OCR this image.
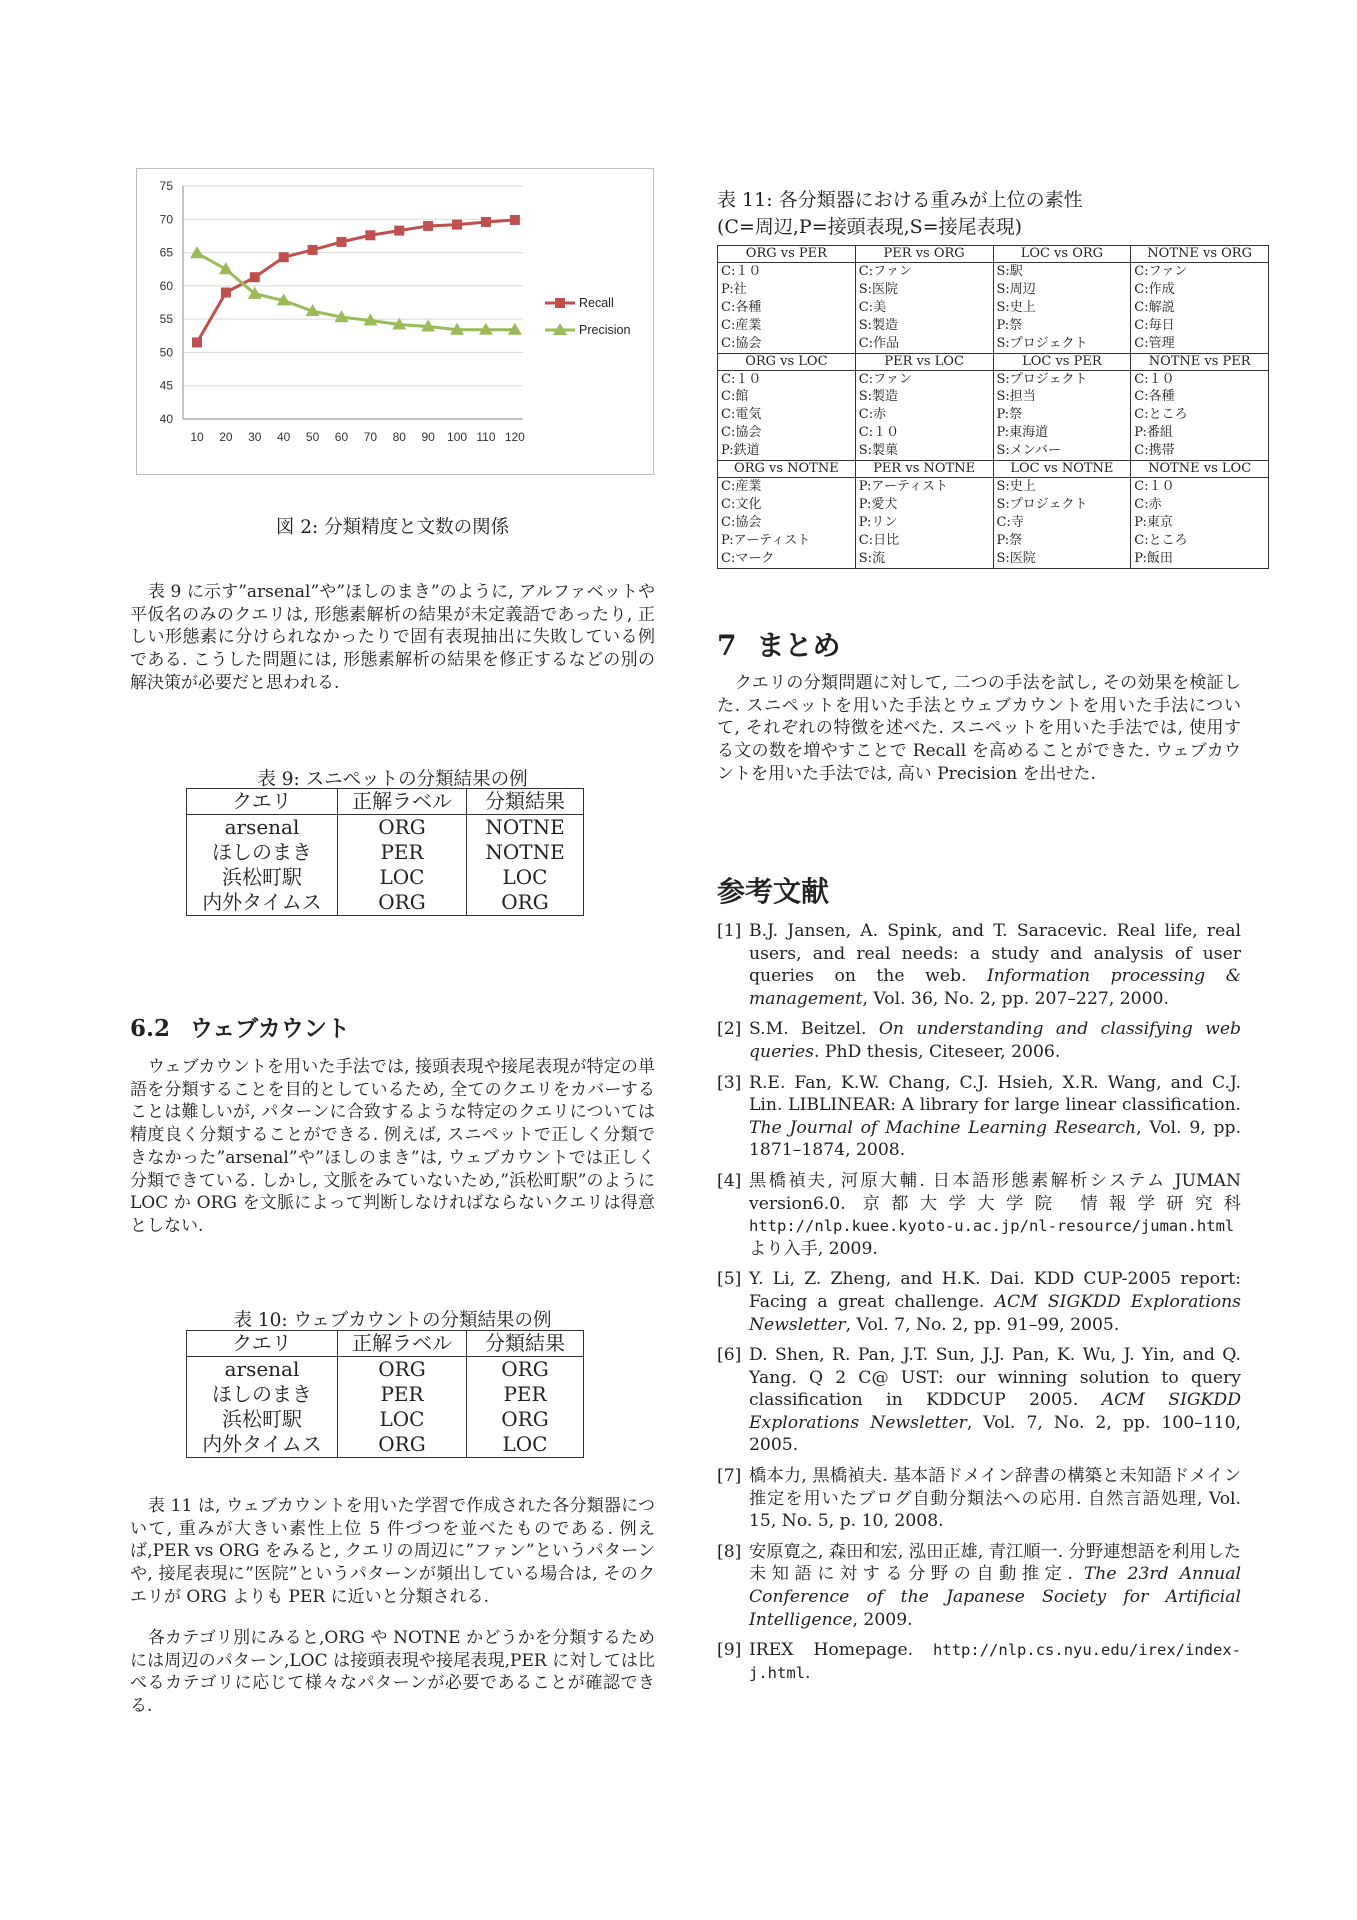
75
70
65
60
55
50
45
40
10 20 30 40 50 60 70 80 90 100 110 120
Recall
Precision
図 2: 分類精度と文数の関係

表 9 に示す”arsenal”や”ほしのまき”のように, アルファベットや平仮名のみのクエリは, 形態素解析の結果が未定義語であったり, 正しい形態素に分けられなかったりで固有表現抽出に失敗している例である. こうした問題には, 形態素解析の結果を修正するなどの別の解決策が必要だと思われる.

表 9: スニペットの分類結果の例
クエリ	正解ラベル	分類結果
arsenal	ORG	NOTNE
ほしのまき	PER	NOTNE
浜松町駅	LOC	LOC
内外タイムス	ORG	ORG
6.2 ウェブカウント

ウェブカウントを用いた手法では, 接頭表現や接尾表現が特定の単語を分類することを目的としているため, 全てのクエリをカバーすることは難しいが, パターンに合致するような特定のクエリについては精度良く分類することができる. 例えば, スニペットで正しく分類できなかった”arsenal”や”ほしのまき”は, ウェブカウントでは正しく分類できている. しかし, 文脈をみていないため,”浜松町駅”のように LOC か ORG を文脈によって判断しなければならないクエリは得意としない.

表 10: ウェブカウントの分類結果の例
クエリ	正解ラベル	分類結果
arsenal	ORG	ORG
ほしのまき	PER	PER
浜松町駅	LOC	ORG
内外タイムス	ORG	LOC

表 11 は, ウェブカウントを用いた学習で作成された各分類器について, 重みが大きい素性上位 5 件づつを並べたものである. 例えば,PER vs ORG をみると, クエリの周辺に”ファン”というパターンや, 接尾表現に”医院”というパターンが頻出している場合は, そのクエリが ORG よりも PER に近いと分類される.

各カテゴリ別にみると,ORG や NOTNE かどうかを分類するためには周辺のパターン,LOC は接頭表現や接尾表現,PER に対しては比べるカテゴリに応じて様々なパターンが必要であることが確認できる.

表 11: 各分類器における重みが上位の素性
(C=周辺,P=接頭表現,S=接尾表現)
ORG vs PER	PER vs ORG	LOC vs ORG	NOTNE vs ORG
C:１０	C:ファン	S:駅	C:ファン
P:社	S:医院	S:周辺	C:作成
C:各種	C:美	S:史上	C:解説
C:産業	S:製造	P:祭	C:毎日
C:協会	C:作品	S:プロジェクト	C:管理
ORG vs LOC	PER vs LOC	LOC vs PER	NOTNE vs PER
C:１０	C:ファン	S:プロジェクト	C:１０
C:館	S:製造	S:担当	C:各種
C:電気	C:赤	P:祭	C:ところ
C:協会	C:１０	P:東海道	P:番組
P:鉄道	S:製菓	S:メンバー	C:携帯
ORG vs NOTNE	PER vs NOTNE	LOC vs NOTNE	NOTNE vs LOC
C:産業	P:アーティスト	S:史上	C:１０
C:文化	P:愛犬	S:プロジェクト	C:赤
C:協会	P:リン	C:寺	P:東京
P:アーティスト	C:日比	P:祭	C:ところ
C:マーク	S:流	S:医院	P:飯田
7 まとめ

クエリの分類問題に対して, 二つの手法を試し, その効果を検証した. スニペットを用いた手法とウェブカウントを用いた手法について, それぞれの特徴を述べた. スニペットを用いた手法では, 使用する文の数を増やすことで Recall を高めることができた. ウェブカウントを用いた手法では, 高い Precision を出せた.

参考文献
[1] B.J. Jansen, A. Spink, and T. Saracevic. Real life, real users, and real needs: a study and analysis of user queries on the web. Information processing & management, Vol. 36, No. 2, pp. 207–227, 2000.
[2] S.M. Beitzel. On understanding and classifying web queries. PhD thesis, Citeseer, 2006.
[3] R.E. Fan, K.W. Chang, C.J. Hsieh, X.R. Wang, and C.J. Lin. LIBLINEAR: A library for large linear classification. The Journal of Machine Learning Research, Vol. 9, pp. 1871–1874, 2008.
[4] 黒橋禎夫, 河原大輔. 日本語形態素解析システム JUMAN version6.0. 京都大学大学院 情報学研究科 http://nlp.kuee.kyoto-u.ac.jp/nl-resource/juman.html より入手, 2009.
[5] Y. Li, Z. Zheng, and H.K. Dai. KDD CUP-2005 report: Facing a great challenge. ACM SIGKDD Explorations Newsletter, Vol. 7, No. 2, pp. 91–99, 2005.
[6] D. Shen, R. Pan, J.T. Sun, J.J. Pan, K. Wu, J. Yin, and Q. Yang. Q 2 C@ UST: our winning solution to query classification in KDDCUP 2005. ACM SIGKDD Explorations Newsletter, Vol. 7, No. 2, pp. 100–110, 2005.
[7] 橋本力, 黒橋禎夫. 基本語ドメイン辞書の構築と未知語ドメイン推定を用いたブログ自動分類法への応用. 自然言語処理, Vol. 15, No. 5, p. 10, 2008.
[8] 安原寛之, 森田和宏, 泓田正雄, 青江順一. 分野連想語を利用した未知語に対する分野の自動推定. The 23rd Annual Conference of the Japanese Society for Artificial Intelligence, 2009.
[9] IREX Homepage. http://nlp.cs.nyu.edu/irex/index-j.html.
